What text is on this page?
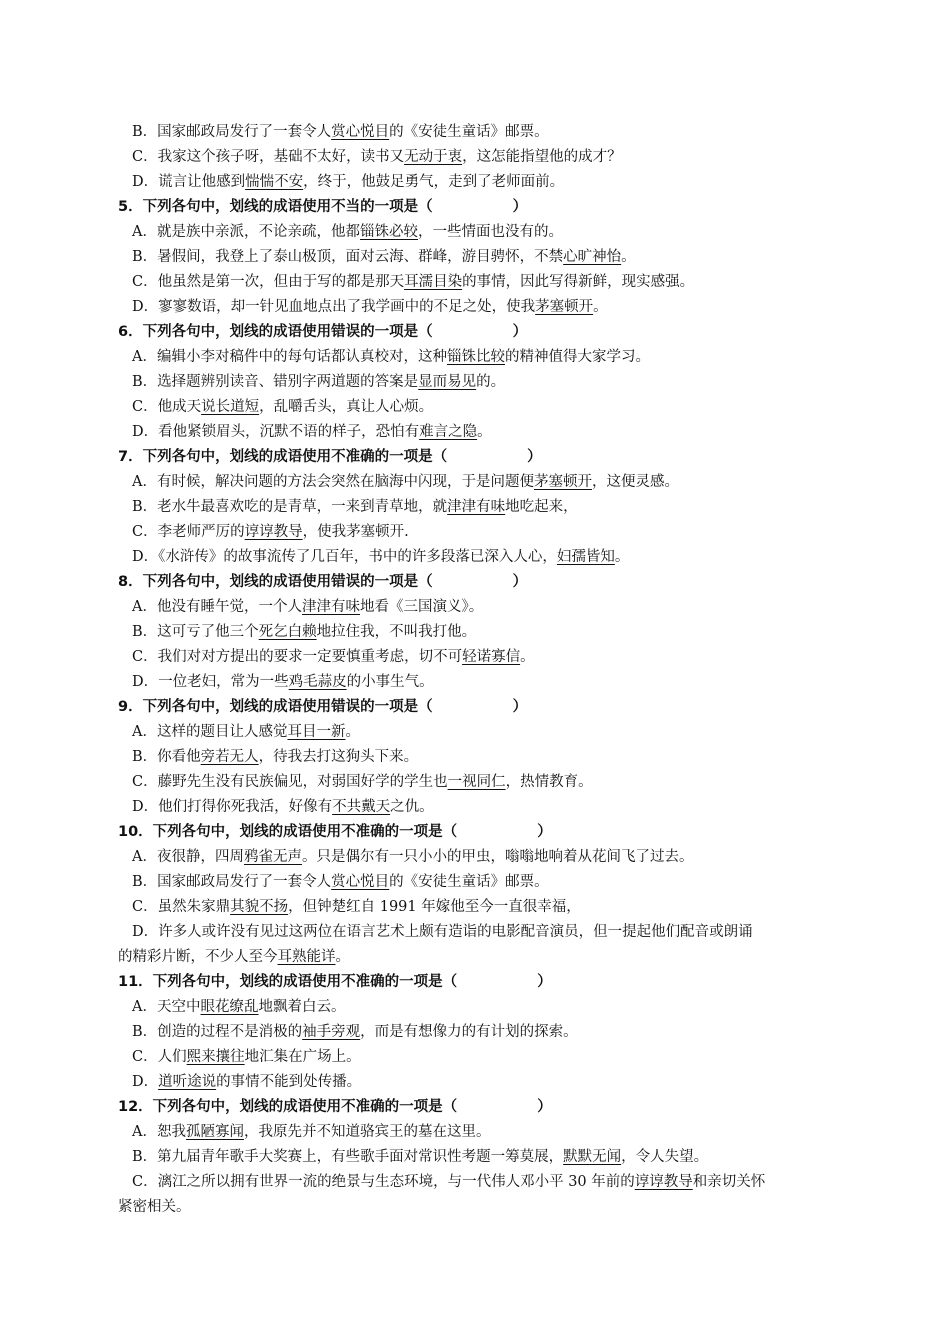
B．国家邮政局发行了一套令人赏心悦目的《安徒生童话》邮票。
C．我家这个孩子呀，基础不太好，读书又无动于衷，这怎能指望他的成才？
D．谎言让他感到惴惴不安，终于，他鼓足勇气，走到了老师面前。
5．下列各句中，划线的成语使用不当的一项是（	）
A．就是族中亲派，不论亲疏，他都锱铢必较，一些情面也没有的。
B．暑假间，我登上了泰山极顶，面对云海、群峰，游目骋怀，不禁心旷神怡。
C．他虽然是第一次，但由于写的都是那天耳濡目染的事情，因此写得新鲜，现实感强。
D．寥寥数语，却一针见血地点出了我学画中的不足之处，使我茅塞顿开。
6．下列各句中，划线的成语使用错误的一项是（	）
A．编辑小李对稿件中的每句话都认真校对，这种锱铢比较的精神值得大家学习。
B．选择题辨别读音、错别字两道题的答案是显而易见的。
C．他成天说长道短，乱嚼舌头，真让人心烦。
D．看他紧锁眉头，沉默不语的样子，恐怕有难言之隐。
7．下列各句中，划线的成语使用不准确的一项是（	）
A．有时候，解决问题的方法会突然在脑海中闪现，于是问题便茅塞顿开，这便灵感。
B．老水牛最喜欢吃的是青草，一来到青草地，就津津有味地吃起来，
C．李老师严厉的谆谆教导，使我茅塞顿开.
D．《水浒传》的故事流传了几百年，书中的许多段落已深入人心，妇孺皆知。
8．下列各句中，划线的成语使用错误的一项是（	）
A．他没有睡午觉，一个人津津有味地看《三国演义》。
B．这可亏了他三个死乞白赖地拉住我，不叫我打他。
C．我们对对方提出的要求一定要慎重考虑，切不可轻诺寡信。
D．一位老妇，常为一些鸡毛蒜皮的小事生气。
9．下列各句中，划线的成语使用错误的一项是（	）
A．这样的题目让人感觉耳目一新。
B．你看他旁若无人，待我去打这狗头下来。
C．藤野先生没有民族偏见，对弱国好学的学生也一视同仁，热情教育。
D．他们打得你死我活，好像有不共戴天之仇。
10．下列各句中，划线的成语使用不准确的一项是（	）
A．夜很静，四周鸦雀无声。只是偶尔有一只小小的甲虫，嗡嗡地响着从花间飞了过去。
B．国家邮政局发行了一套令人赏心悦目的《安徒生童话》邮票。
C．虽然朱家鼎其貌不扬，但钟楚红自 1991 年嫁他至今一直很幸福，
D．许多人或许没有见过这两位在语言艺术上颇有造诣的电影配音演员，但一提起他们配音或朗诵
的精彩片断，不少人至今耳熟能详。
11．下列各句中，划线的成语使用不准确的一项是（	）
A．天空中眼花缭乱地飘着白云。
B．创造的过程不是消极的袖手旁观，而是有想像力的有计划的探索。
C．人们熙来攘往地汇集在广场上。
D．道听途说的事情不能到处传播。
12．下列各句中，划线的成语使用不准确的一项是（	）
A．恕我孤陋寡闻，我原先并不知道骆宾王的墓在这里。
B．第九届青年歌手大奖赛上，有些歌手面对常识性考题一筹莫展，默默无闻，令人失望。
C．漓江之所以拥有世界一流的绝景与生态环境，与一代伟人邓小平 30 年前的谆谆教导和亲切关怀
紧密相关。
